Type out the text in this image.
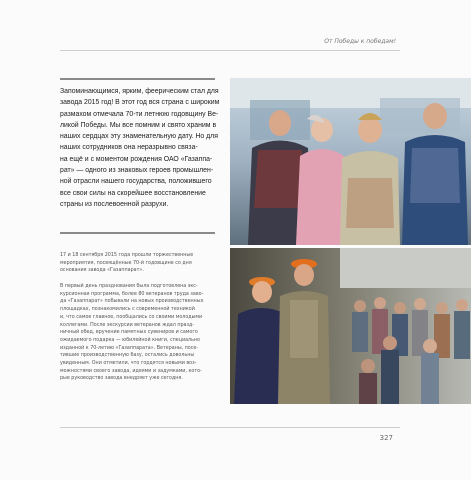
От Победы к победам!
Запоминающимся, ярким, феерическим стал для
завода 2015 год! В этот год вся страна с широким
размахом отмечала 70-ти летнюю годовщину Ве-
ликой Победы. Мы все помним и свято храним в
наших сердцах эту знаменательную дату. Но для
наших сотрудников она неразрывно связа-
на ещё и с моментом рождения ОАО «Газаппа-
рат» — одного из знаковых героев промышлен-
ной отрасли нашего государства, положившего
все свои силы на скорейшее восстановление
страны из послевоенной разрухи.
17 и 18 сентября 2015 года прошли торжественные
мероприятия, посвящённые 70-й годовщине со дня
основания завода «Газаппарат».
В первый день празднования была подготовлена экс-
курсионная программа, более 80 ветеранов труда заво-
да «Газаппарат» побывали на новых производственных
площадках, познакомились с современной техникой
и, что самое главное, пообщались со своими молодыми
коллегами. После экскурсии ветеранов ждал празд-
ничный обед, вручение памятных сувениров и самого
ожидаемого подарка — юбилейной книги, специально
изданной к 70-летию «Газаппарата». Ветераны, посе-
тившие производственную базу, остались довольны
увиденным. Они отметили, что гордятся новыми воз-
можностями своего завода, идеями и задумками, кото-
рые руководство завода внедряет уже сегодня.
327
